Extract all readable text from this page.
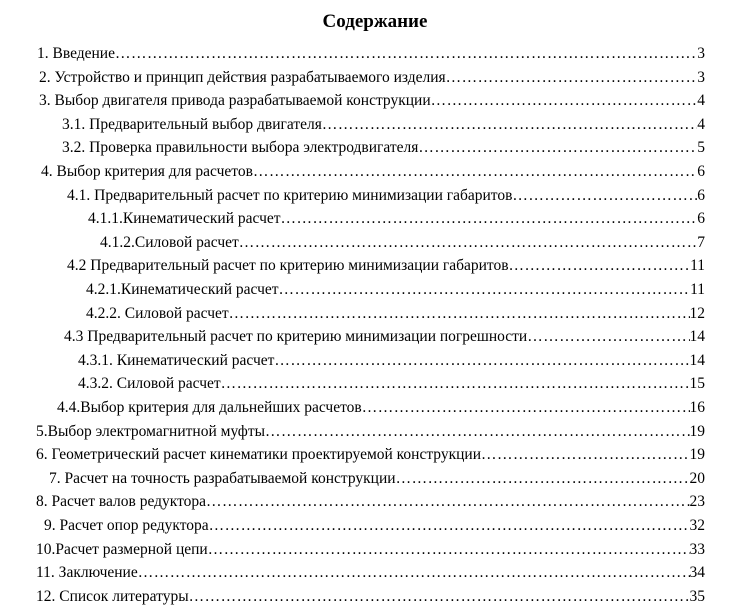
Содержание
1. Введение ……………………………………………………………………………………………………………………………………………………………………………………………………………………………………	3
2. Устройство и принцип действия разрабатываемого изделия ……………………………………………………………………………………………………………………………………………………………………………………………………………………………………	3
3. Выбор двигателя привода разрабатываемой конструкции ……………………………………………………………………………………………………………………………………………………………………………………………………………………………………	4
3.1. Предварительный выбор двигателя ……………………………………………………………………………………………………………………………………………………………………………………………………………………………………	4
3.2. Проверка правильности выбора электродвигателя ……………………………………………………………………………………………………………………………………………………………………………………………………………………………………	5
4. Выбор критерия для расчетов ……………………………………………………………………………………………………………………………………………………………………………………………………………………………………	6
4.1. Предварительный расчет по критерию минимизации габаритов ……………………………………………………………………………………………………………………………………………………………………………………………………………………………………	6
4.1.1.Кинематический расчет ……………………………………………………………………………………………………………………………………………………………………………………………………………………………………	6
4.1.2.Силовой расчет ……………………………………………………………………………………………………………………………………………………………………………………………………………………………………	7
4.2 Предварительный расчет по критерию минимизации габаритов ……………………………………………………………………………………………………………………………………………………………………………………………………………………………………	11
4.2.1.Кинематический расчет ……………………………………………………………………………………………………………………………………………………………………………………………………………………………………	11
4.2.2. Силовой расчет ……………………………………………………………………………………………………………………………………………………………………………………………………………………………………	12
4.3 Предварительный расчет по критерию минимизации погрешности ……………………………………………………………………………………………………………………………………………………………………………………………………………………………………	14
4.3.1. Кинематический расчет ……………………………………………………………………………………………………………………………………………………………………………………………………………………………………	14
4.3.2. Силовой расчет ……………………………………………………………………………………………………………………………………………………………………………………………………………………………………	15
4.4.Выбор критерия для дальнейших расчетов ……………………………………………………………………………………………………………………………………………………………………………………………………………………………………	16
5.Выбор электромагнитной муфты ……………………………………………………………………………………………………………………………………………………………………………………………………………………………………	19
6. Геометрический расчет кинематики проектируемой конструкции ……………………………………………………………………………………………………………………………………………………………………………………………………………………………………	19
7. Расчет на точность разрабатываемой конструкции ……………………………………………………………………………………………………………………………………………………………………………………………………………………………………	20
8. Расчет валов редуктора ……………………………………………………………………………………………………………………………………………………………………………………………………………………………………	23
9. Расчет опор редуктора ……………………………………………………………………………………………………………………………………………………………………………………………………………………………………	32
10.Расчет размерной цепи ……………………………………………………………………………………………………………………………………………………………………………………………………………………………………	33
11. Заключение ……………………………………………………………………………………………………………………………………………………………………………………………………………………………………	34
12. Список литературы ……………………………………………………………………………………………………………………………………………………………………………………………………………………………………	35
